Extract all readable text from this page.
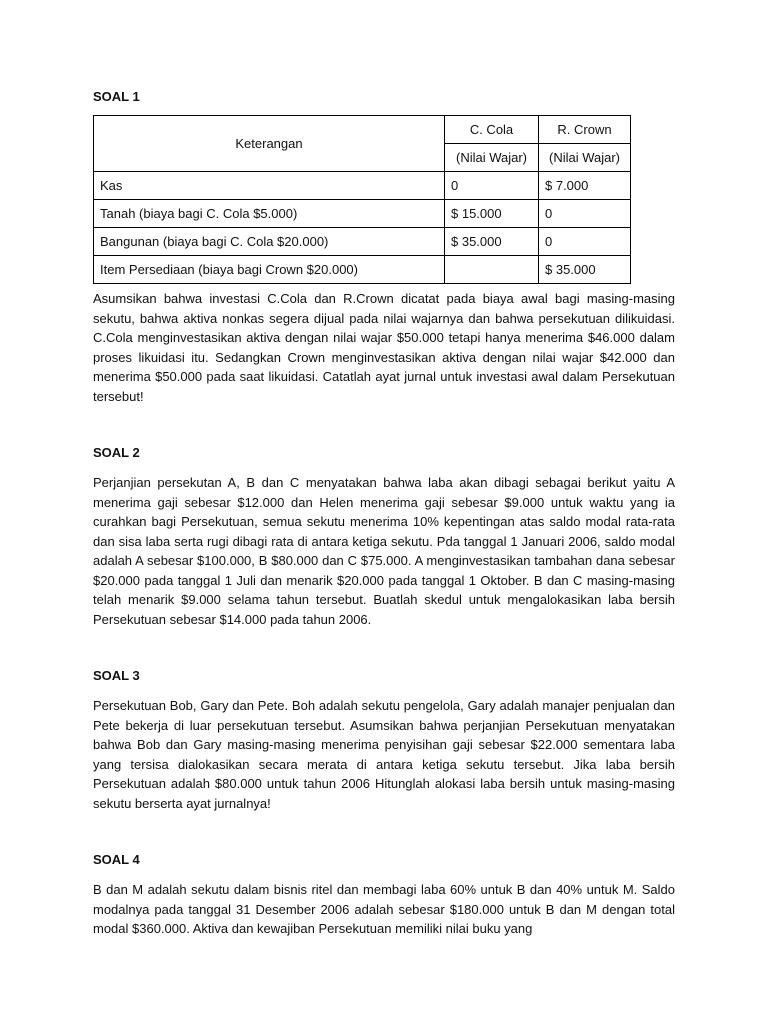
SOAL 1

Keterangan	C. Cola	R. Crown
	(Nilai Wajar)	(Nilai Wajar)
Kas	0	$ 7.000
Tanah (biaya bagi C. Cola $5.000)	$ 15.000	0
Bangunan (biaya bagi C. Cola $20.000)	$ 35.000	0
Item Persediaan (biaya bagi Crown $20.000)		$ 35.000

Asumsikan bahwa investasi C.Cola dan R.Crown dicatat pada biaya awal bagi masing-masing sekutu, bahwa aktiva nonkas segera dijual pada nilai wajarnya dan bahwa persekutuan dilikuidasi. C.Cola menginvestasikan aktiva dengan nilai wajar $50.000 tetapi hanya menerima $46.000 dalam proses likuidasi itu. Sedangkan Crown menginvestasikan aktiva dengan nilai wajar $42.000 dan menerima $50.000 pada saat likuidasi. Catatlah ayat jurnal untuk investasi awal dalam Persekutuan tersebut!

SOAL 2

Perjanjian persekutan A, B dan C menyatakan bahwa laba akan dibagi sebagai berikut yaitu A menerima gaji sebesar $12.000 dan Helen menerima gaji sebesar $9.000 untuk waktu yang ia curahkan bagi Persekutuan, semua sekutu menerima 10% kepentingan atas saldo modal rata-rata dan sisa laba serta rugi dibagi rata di antara ketiga sekutu. Pda tanggal 1 Januari 2006, saldo modal adalah A sebesar $100.000, B $80.000 dan C $75.000. A menginvestasikan tambahan dana sebesar $20.000 pada tanggal 1 Juli dan menarik $20.000 pada tanggal 1 Oktober. B dan C masing-masing telah menarik $9.000 selama tahun tersebut. Buatlah skedul untuk mengalokasikan laba bersih Persekutuan sebesar $14.000 pada tahun 2006.

SOAL 3

Persekutuan Bob, Gary dan Pete. Boh adalah sekutu pengelola, Gary adalah manajer penjualan dan Pete bekerja di luar persekutuan tersebut. Asumsikan bahwa perjanjian Persekutuan menyatakan bahwa Bob dan Gary masing-masing menerima penyisihan gaji sebesar $22.000 sementara laba yang tersisa dialokasikan secara merata di antara ketiga sekutu tersebut. Jika laba bersih Persekutuan adalah $80.000 untuk tahun 2006 Hitunglah alokasi laba bersih untuk masing-masing sekutu berserta ayat jurnalnya!

SOAL 4

B dan M adalah sekutu dalam bisnis ritel dan membagi laba 60% untuk B dan 40% untuk M. Saldo modalnya pada tanggal 31 Desember 2006 adalah sebesar $180.000 untuk B dan M dengan total modal $360.000. Aktiva dan kewajiban Persekutuan memiliki nilai buku yang
